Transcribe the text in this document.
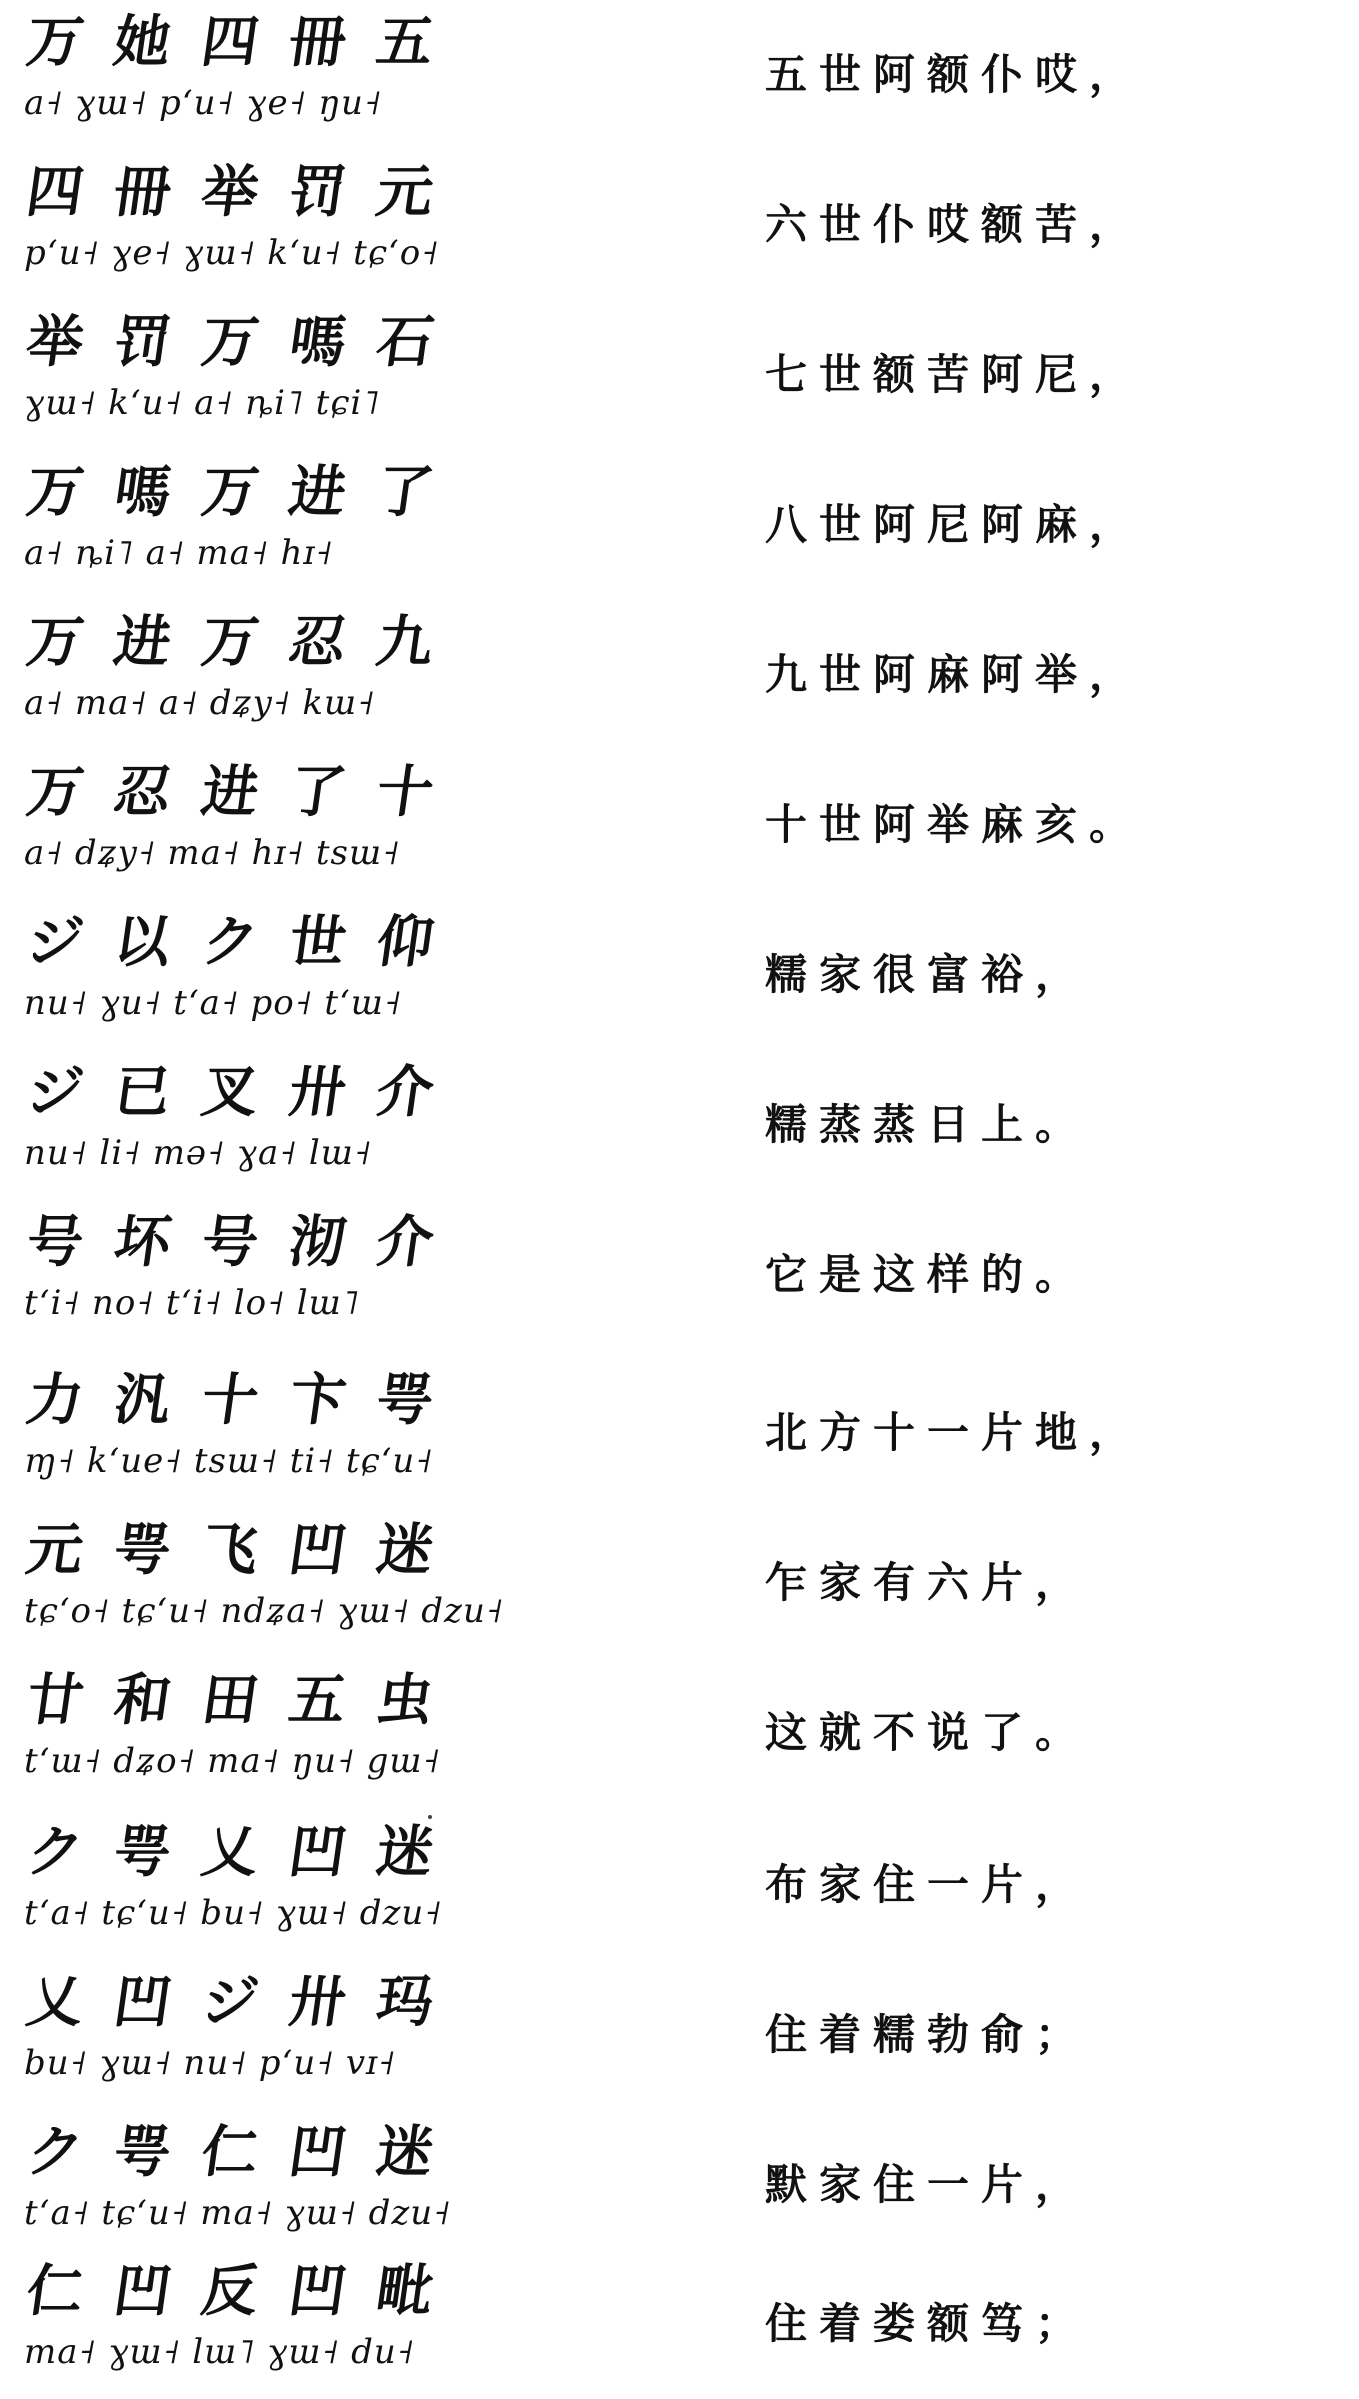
万 她 四 冊 五
a˧ ɣɯ˧ pʻu˧ ɣe˧ ŋu˧
五世阿额仆哎，
四 冊 举 罚 元
pʻu˧ ɣe˧ ɣɯ˧ kʻu˧ tɕʻo˧
六世仆哎额苦，
举 罚 万 嗎 石
ɣɯ˧ kʻu˧ a˧ ȵi˥ tɕi˥
七世额苦阿尼，
万 嗎 万 进 了
a˧ ȵi˥ a˧ ma˧ hɪ˧
八世阿尼阿麻，
万 进 万 忍 九
a˧ ma˧ a˧ dʑy˧ kɯ˧
九世阿麻阿举，
万 忍 进 了 十
a˧ dʑy˧ ma˧ hɪ˧ tsɯ˧
十世阿举麻亥。
ジ 以 ク 世 仰
nu˧ ɣu˧ tʻa˧ po˧ tʻɯ˧
糯家很富裕，
ジ 已 叉 卅 介
nu˧ li˧ mə˧ ɣa˧ lɯ˧
糯蒸蒸日上。
号 坏 号 沏 介
tʻi˧ no˧ tʻi˧ lo˧ lɯ˥
它是这样的。
力 汎 十 卞 咢
ɱ˧ kʻue˧ tsɯ˧ ti˧ tɕʻu˧
北方十一片地，
元 咢 飞 凹 迷
tɕʻo˧ tɕʻu˧ ndʑa˧ ɣɯ˧ dzu˧
乍家有六片，
廿 和 田 五 虫
tʻɯ˧ dʑo˧ ma˧ ŋu˧ gɯ˧
这就不说了。
ク 咢 乂 凹 迷
tʻa˧ tɕʻu˧ bu˧ ɣɯ˧ dzu˧
布家住一片，
乂 凹 ジ 卅 玛
bu˧ ɣɯ˧ nu˧ pʻu˧ vɪ˧
住着糯勃俞；
ク 咢 仁 凹 迷
tʻa˧ tɕʻu˧ ma˧ ɣɯ˧ dzu˧
默家住一片，
仁 凹 反 凹 毗
ma˧ ɣɯ˧ lɯ˥ ɣɯ˧ du˧
住着娄额笃；
